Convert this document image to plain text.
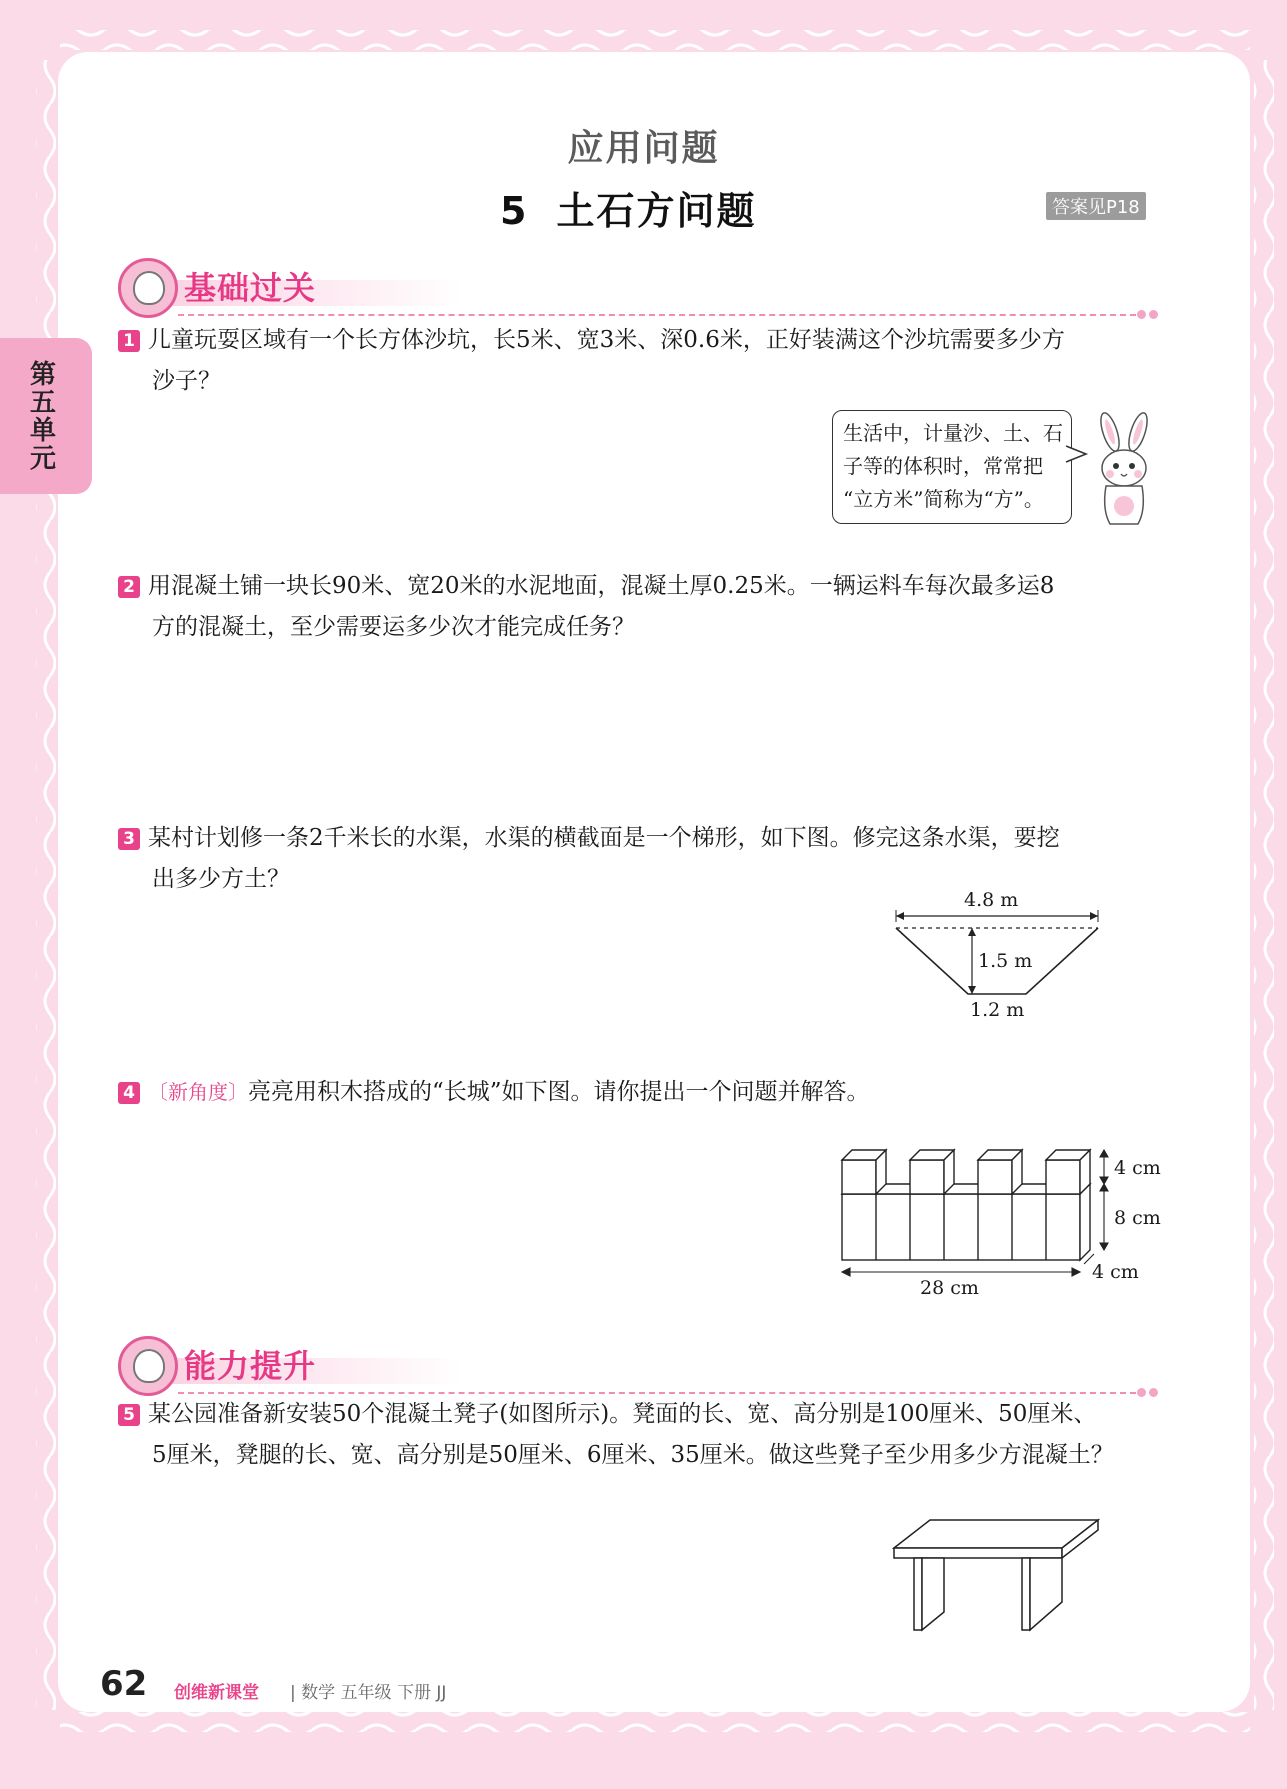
第五单元
应用问题
5 土石方问题	答案见P18
基础过关
1 儿童玩耍区域有一个长方体沙坑，长5米、宽3米、深0.6米，正好装满这个沙坑需要多少方
沙子？
生活中，计量沙、土、石
子等的体积时，常常把
“立方米”简称为“方”。
2 用混凝土铺一块长90米、宽20米的水泥地面，混凝土厚0.25米。一辆运料车每次最多运8
方的混凝土，至少需要运多少次才能完成任务？
3 某村计划修一条2千米长的水渠，水渠的横截面是一个梯形，如下图。修完这条水渠，要挖
出多少方土？
4.8 m
1.5 m
1.2 m
4 〔新角度〕亮亮用积木搭成的“长城”如下图。请你提出一个问题并解答。
4 cm
8 cm
4 cm
28 cm
能力提升
5 某公园准备新安装50个混凝土凳子(如图所示)。凳面的长、宽、高分别是100厘米、50厘米、
5厘米，凳腿的长、宽、高分别是50厘米、6厘米、35厘米。做这些凳子至少用多少方混凝土？
62 创维新课堂 | 数学 五年级 下册 JJ
